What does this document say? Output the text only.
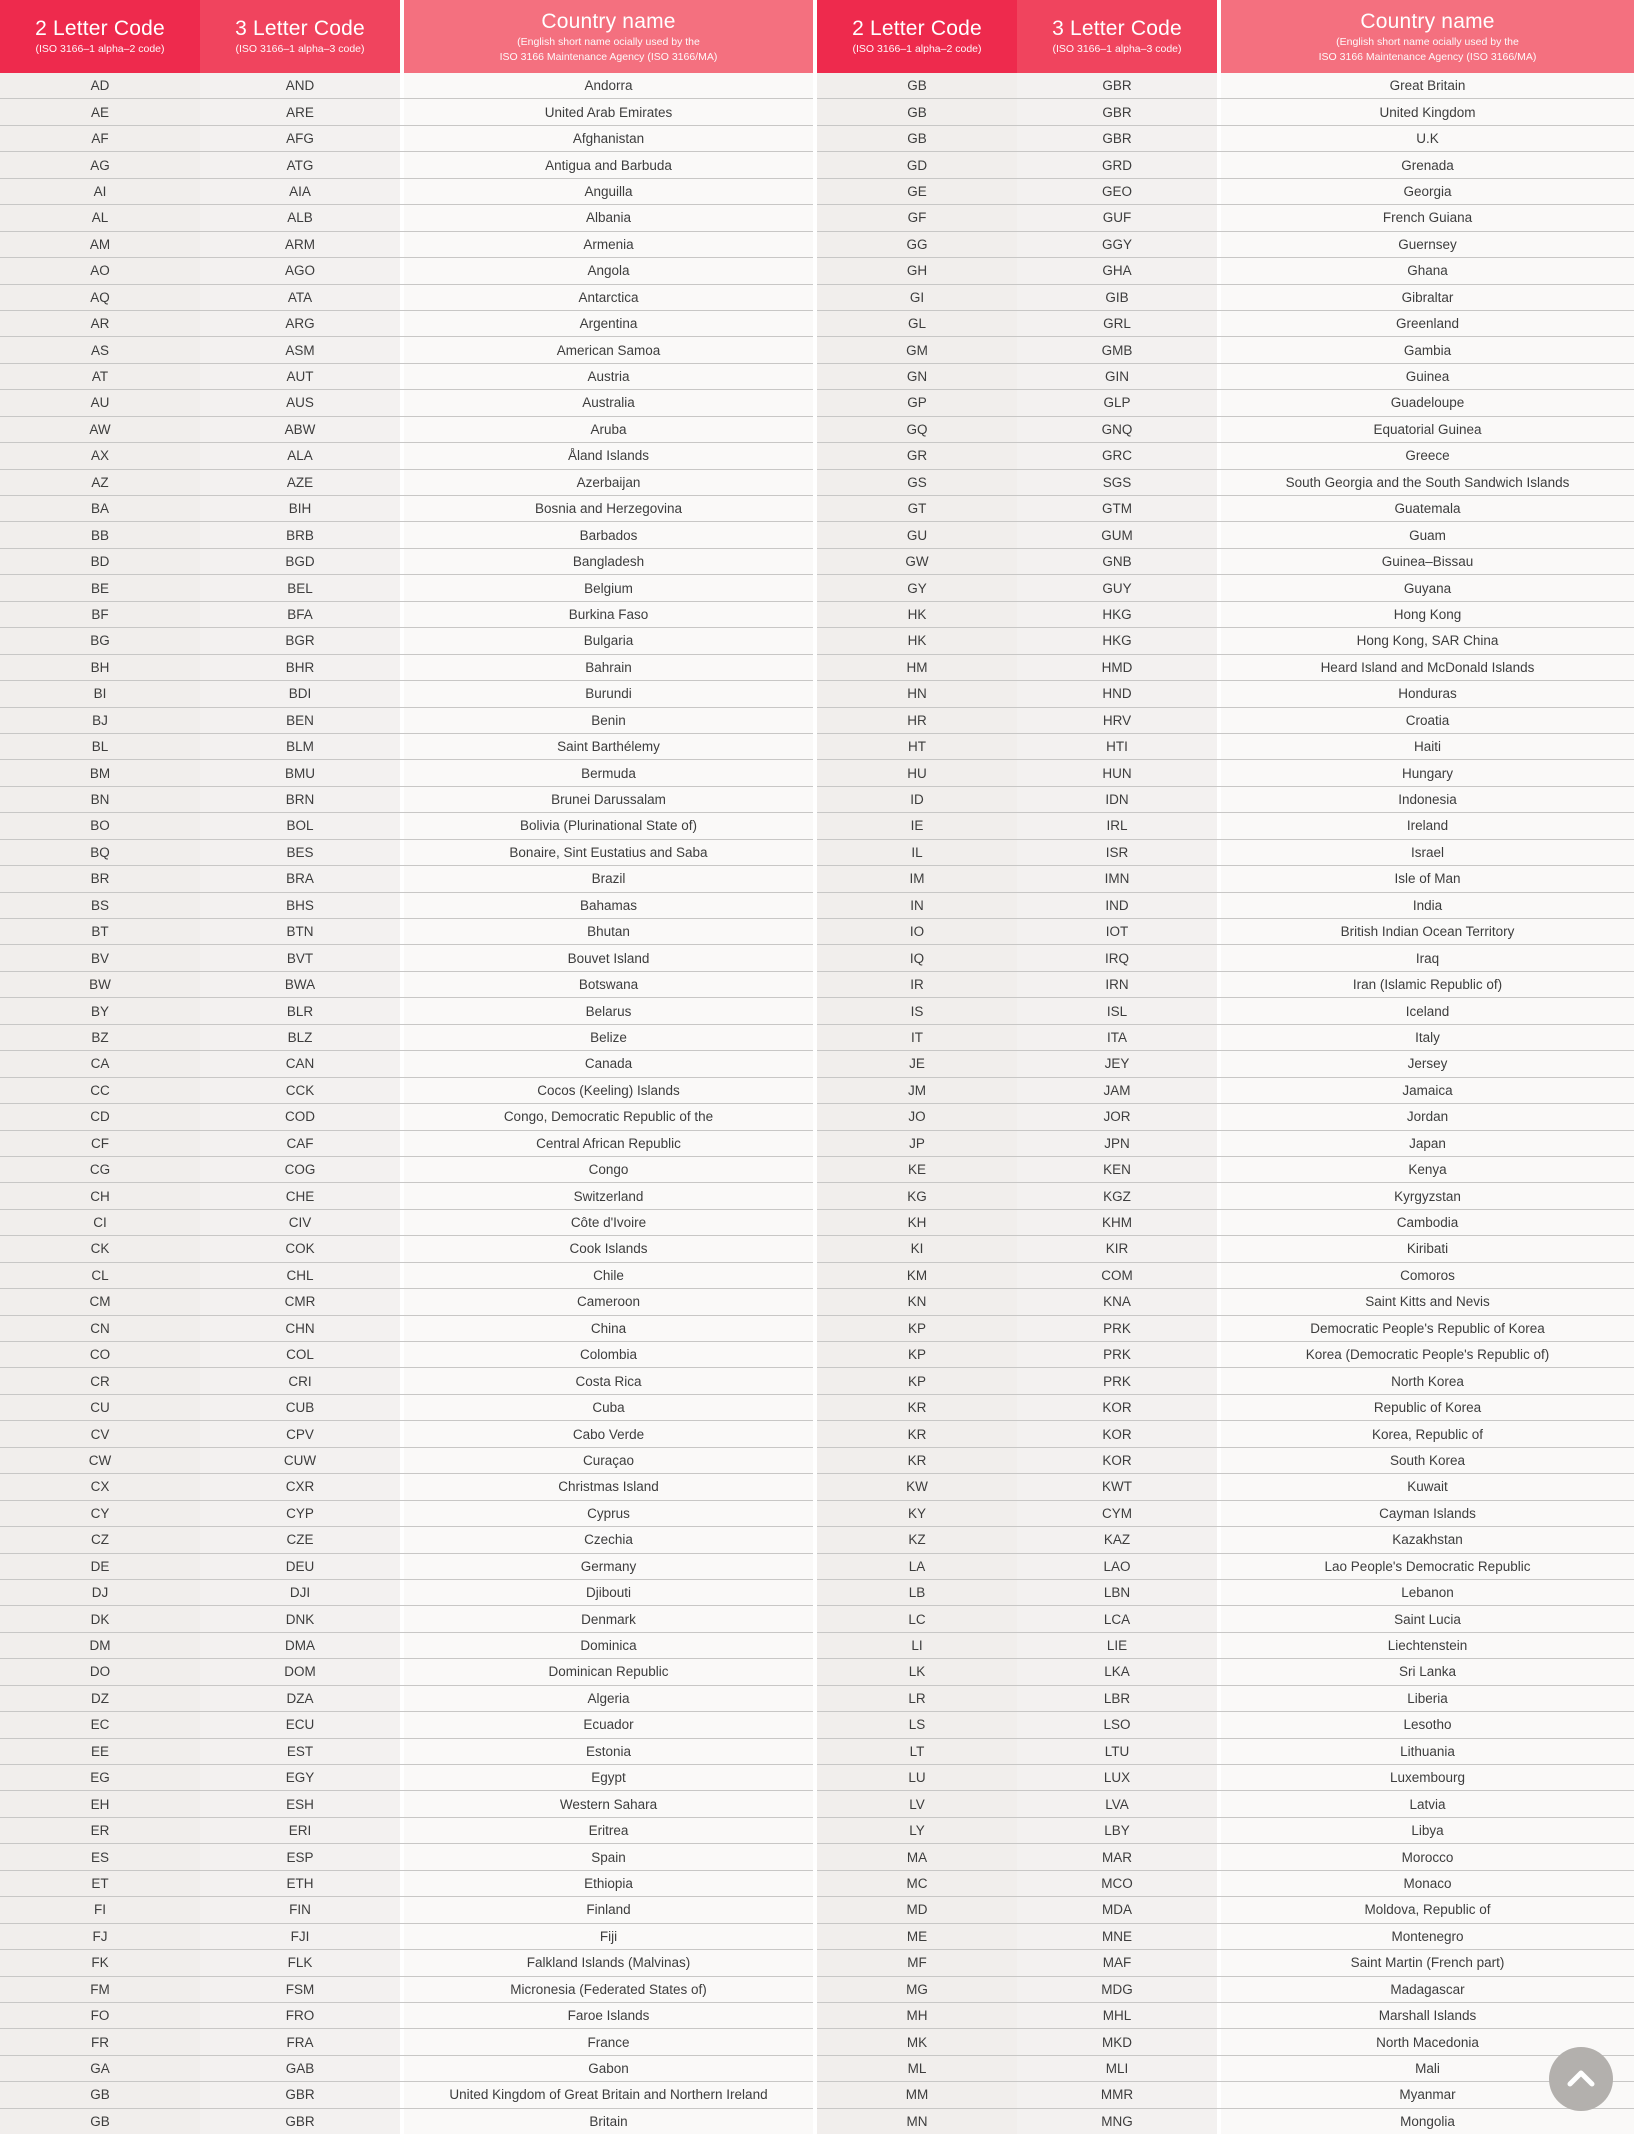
2 Letter Code
(ISO 3166–1 alpha–2 code)
3 Letter Code
(ISO 3166–1 alpha–3 code)
Country name
(English short name ocially used by the
ISO 3166 Maintenance Agency (ISO 3166/MA)
AD	AND	Andorra
AE	ARE	United Arab Emirates
AF	AFG	Afghanistan
AG	ATG	Antigua and Barbuda
AI	AIA	Anguilla
AL	ALB	Albania
AM	ARM	Armenia
AO	AGO	Angola
AQ	ATA	Antarctica
AR	ARG	Argentina
AS	ASM	American Samoa
AT	AUT	Austria
AU	AUS	Australia
AW	ABW	Aruba
AX	ALA	Åland Islands
AZ	AZE	Azerbaijan
BA	BIH	Bosnia and Herzegovina
BB	BRB	Barbados
BD	BGD	Bangladesh
BE	BEL	Belgium
BF	BFA	Burkina Faso
BG	BGR	Bulgaria
BH	BHR	Bahrain
BI	BDI	Burundi
BJ	BEN	Benin
BL	BLM	Saint Barthélemy
BM	BMU	Bermuda
BN	BRN	Brunei Darussalam
BO	BOL	Bolivia (Plurinational State of)
BQ	BES	Bonaire, Sint Eustatius and Saba
BR	BRA	Brazil
BS	BHS	Bahamas
BT	BTN	Bhutan
BV	BVT	Bouvet Island
BW	BWA	Botswana
BY	BLR	Belarus
BZ	BLZ	Belize
CA	CAN	Canada
CC	CCK	Cocos (Keeling) Islands
CD	COD	Congo, Democratic Republic of the
CF	CAF	Central African Republic
CG	COG	Congo
CH	CHE	Switzerland
CI	CIV	Côte d'Ivoire
CK	COK	Cook Islands
CL	CHL	Chile
CM	CMR	Cameroon
CN	CHN	China
CO	COL	Colombia
CR	CRI	Costa Rica
CU	CUB	Cuba
CV	CPV	Cabo Verde
CW	CUW	Curaçao
CX	CXR	Christmas Island
CY	CYP	Cyprus
CZ	CZE	Czechia
DE	DEU	Germany
DJ	DJI	Djibouti
DK	DNK	Denmark
DM	DMA	Dominica
DO	DOM	Dominican Republic
DZ	DZA	Algeria
EC	ECU	Ecuador
EE	EST	Estonia
EG	EGY	Egypt
EH	ESH	Western Sahara
ER	ERI	Eritrea
ES	ESP	Spain
ET	ETH	Ethiopia
FI	FIN	Finland
FJ	FJI	Fiji
FK	FLK	Falkland Islands (Malvinas)
FM	FSM	Micronesia (Federated States of)
FO	FRO	Faroe Islands
FR	FRA	France
GA	GAB	Gabon
GB	GBR	United Kingdom of Great Britain and Northern Ireland
GB	GBR	Britain
2 Letter Code
(ISO 3166–1 alpha–2 code)
3 Letter Code
(ISO 3166–1 alpha–3 code)
Country name
(English short name ocially used by the
ISO 3166 Maintenance Agency (ISO 3166/MA)
GB	GBR	Great Britain
GB	GBR	United Kingdom
GB	GBR	U.K
GD	GRD	Grenada
GE	GEO	Georgia
GF	GUF	French Guiana
GG	GGY	Guernsey
GH	GHA	Ghana
GI	GIB	Gibraltar
GL	GRL	Greenland
GM	GMB	Gambia
GN	GIN	Guinea
GP	GLP	Guadeloupe
GQ	GNQ	Equatorial Guinea
GR	GRC	Greece
GS	SGS	South Georgia and the South Sandwich Islands
GT	GTM	Guatemala
GU	GUM	Guam
GW	GNB	Guinea–Bissau
GY	GUY	Guyana
HK	HKG	Hong Kong
HK	HKG	Hong Kong, SAR China
HM	HMD	Heard Island and McDonald Islands
HN	HND	Honduras
HR	HRV	Croatia
HT	HTI	Haiti
HU	HUN	Hungary
ID	IDN	Indonesia
IE	IRL	Ireland
IL	ISR	Israel
IM	IMN	Isle of Man
IN	IND	India
IO	IOT	British Indian Ocean Territory
IQ	IRQ	Iraq
IR	IRN	Iran (Islamic Republic of)
IS	ISL	Iceland
IT	ITA	Italy
JE	JEY	Jersey
JM	JAM	Jamaica
JO	JOR	Jordan
JP	JPN	Japan
KE	KEN	Kenya
KG	KGZ	Kyrgyzstan
KH	KHM	Cambodia
KI	KIR	Kiribati
KM	COM	Comoros
KN	KNA	Saint Kitts and Nevis
KP	PRK	Democratic People's Republic of Korea
KP	PRK	Korea (Democratic People's Republic of)
KP	PRK	North Korea
KR	KOR	Republic of Korea
KR	KOR	Korea, Republic of
KR	KOR	South Korea
KW	KWT	Kuwait
KY	CYM	Cayman Islands
KZ	KAZ	Kazakhstan
LA	LAO	Lao People's Democratic Republic
LB	LBN	Lebanon
LC	LCA	Saint Lucia
LI	LIE	Liechtenstein
LK	LKA	Sri Lanka
LR	LBR	Liberia
LS	LSO	Lesotho
LT	LTU	Lithuania
LU	LUX	Luxembourg
LV	LVA	Latvia
LY	LBY	Libya
MA	MAR	Morocco
MC	MCO	Monaco
MD	MDA	Moldova, Republic of
ME	MNE	Montenegro
MF	MAF	Saint Martin (French part)
MG	MDG	Madagascar
MH	MHL	Marshall Islands
MK	MKD	North Macedonia
ML	MLI	Mali
MM	MMR	Myanmar
MN	MNG	Mongolia
